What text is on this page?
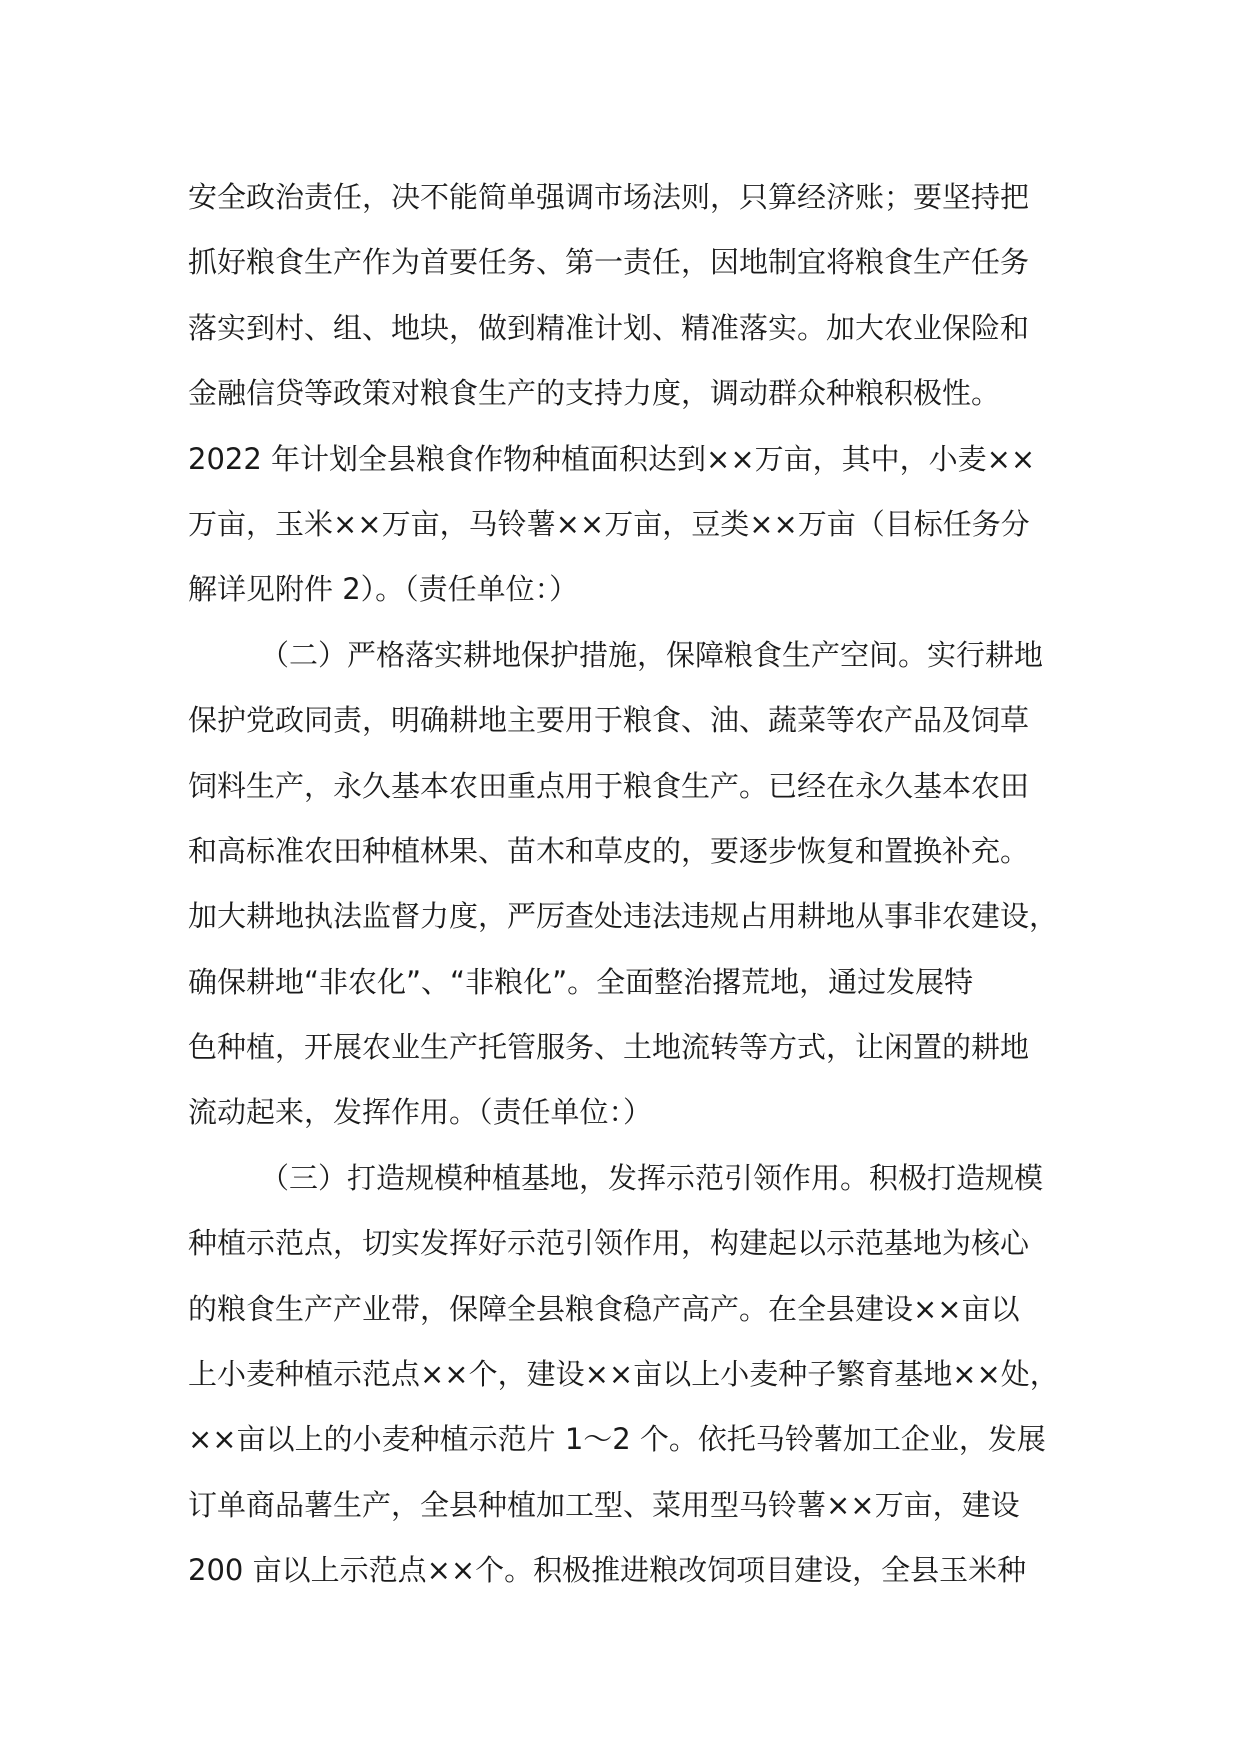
安全政治责任，决不能简单强调市场法则，只算经济账；要坚持把
抓好粮食生产作为首要任务、第一责任，因地制宜将粮食生产任务
落实到村、组、地块，做到精准计划、精准落实。加大农业保险和
金融信贷等政策对粮食生产的支持力度，调动群众种粮积极性。
2022 年计划全县粮食作物种植面积达到××万亩，其中，小麦××
万亩，玉米××万亩，马铃薯××万亩，豆类××万亩（目标任务分
解详见附件 2）。（责任单位：）
（二）严格落实耕地保护措施，保障粮食生产空间。实行耕地
保护党政同责，明确耕地主要用于粮食、油、蔬菜等农产品及饲草
饲料生产，永久基本农田重点用于粮食生产。已经在永久基本农田
和高标准农田种植林果、苗木和草皮的，要逐步恢复和置换补充。
加大耕地执法监督力度，严厉查处违法违规占用耕地从事非农建设，
确保耕地“非农化”、“非粮化”。全面整治撂荒地，通过发展特
色种植，开展农业生产托管服务、土地流转等方式，让闲置的耕地
流动起来，发挥作用。（责任单位：）
（三）打造规模种植基地，发挥示范引领作用。积极打造规模
种植示范点，切实发挥好示范引领作用，构建起以示范基地为核心
的粮食生产产业带，保障全县粮食稳产高产。在全县建设××亩以
上小麦种植示范点××个，建设××亩以上小麦种子繁育基地××处，
××亩以上的小麦种植示范片 1～2 个。依托马铃薯加工企业，发展
订单商品薯生产，全县种植加工型、菜用型马铃薯××万亩，建设
200 亩以上示范点××个。积极推进粮改饲项目建设，全县玉米种
